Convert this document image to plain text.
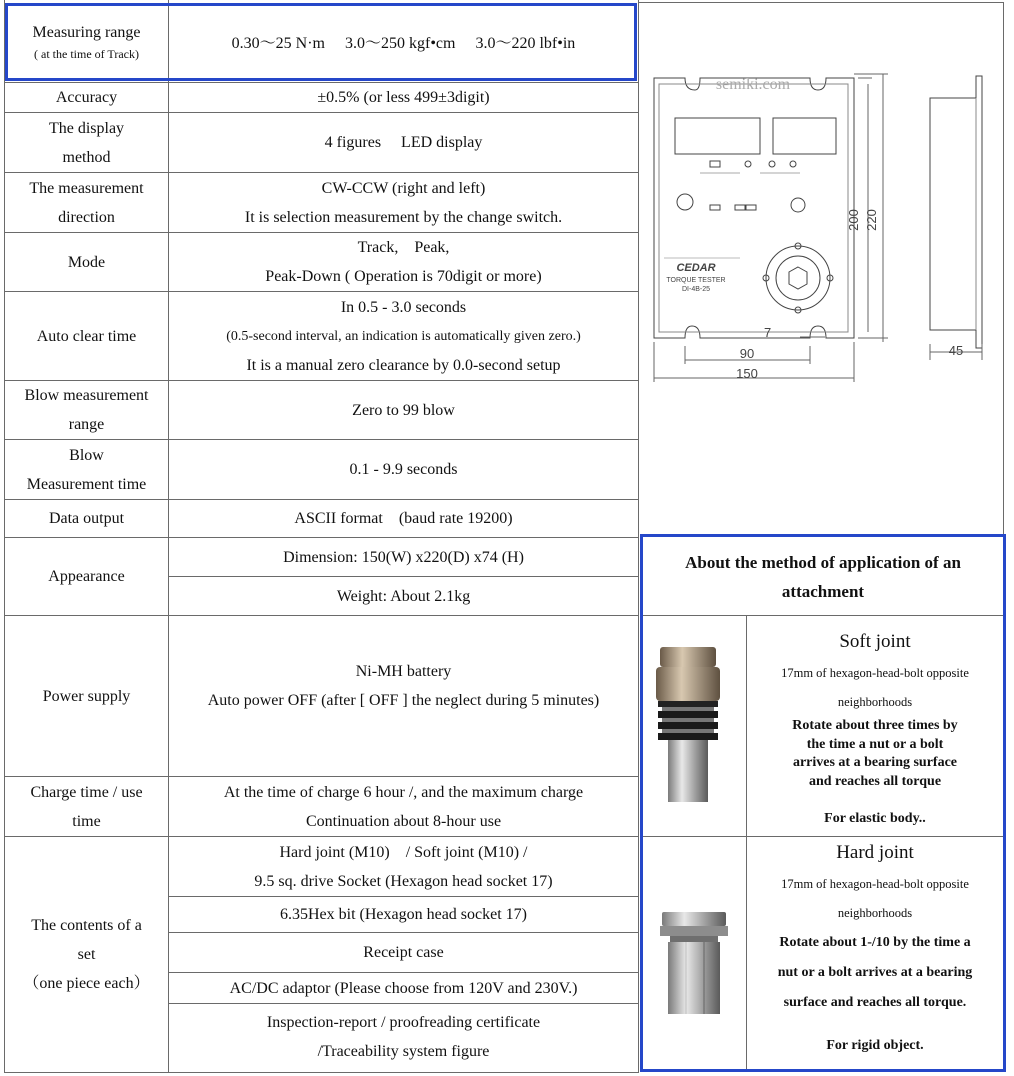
Measuring range
( at the time of Track)
0.30〜25 N·m  3.0〜250 kgf•cm  3.0〜220 lbf•in
Accuracy	±0.5% (or less 499±3digit)
The display
method
4 figures  LED display
The measurement
direction
CW-CCW (right and left)
It is selection measurement by the change switch.
Mode
Track, Peak,
Peak-Down ( Operation is 70digit or more)
Auto clear time
In 0.5 - 3.0 seconds
(0.5-second interval, an indication is automatically given zero.)
It is a manual zero clearance by 0.0-second setup
Blow measurement
range
Zero to 99 blow
Blow
Measurement time
0.1 - 9.9 seconds
Data output	ASCII format (baud rate 19200)
Appearance
Dimension: 150(W) x220(D) x74 (H)
Weight: About 2.1kg
Power supply
Ni-MH battery
Auto power OFF (after [ OFF ] the neglect during 5 minutes)
Charge time / use
time
At the time of charge 6 hour /, and the maximum charge
Continuation about 8-hour use
The contents of a
set
（one piece each）
Hard joint (M10) / Soft joint (M10) /
9.5 sq. drive Socket (Hexagon head socket 17)
6.35Hex bit (Hexagon head socket 17)
Receipt case
AC/DC adaptor (Please choose from 120V and 230V.)
Inspection-report / proofreading certificate
/Traceability system figure
semiki.com
CEDAR
TORQUE TESTER
DI-4B-25
200 220
7
90
150
45
About the method of application of an
attachment
Soft joint
17mm of hexagon-head-bolt opposite
neighborhoods
Rotate about three times by
the time a nut or a bolt
arrives at a bearing surface
and reaches all torque
For elastic body..
Hard joint
17mm of hexagon-head-bolt opposite
neighborhoods
Rotate about 1-/10 by the time a
nut or a bolt arrives at a bearing
surface and reaches all torque.
For rigid object.
